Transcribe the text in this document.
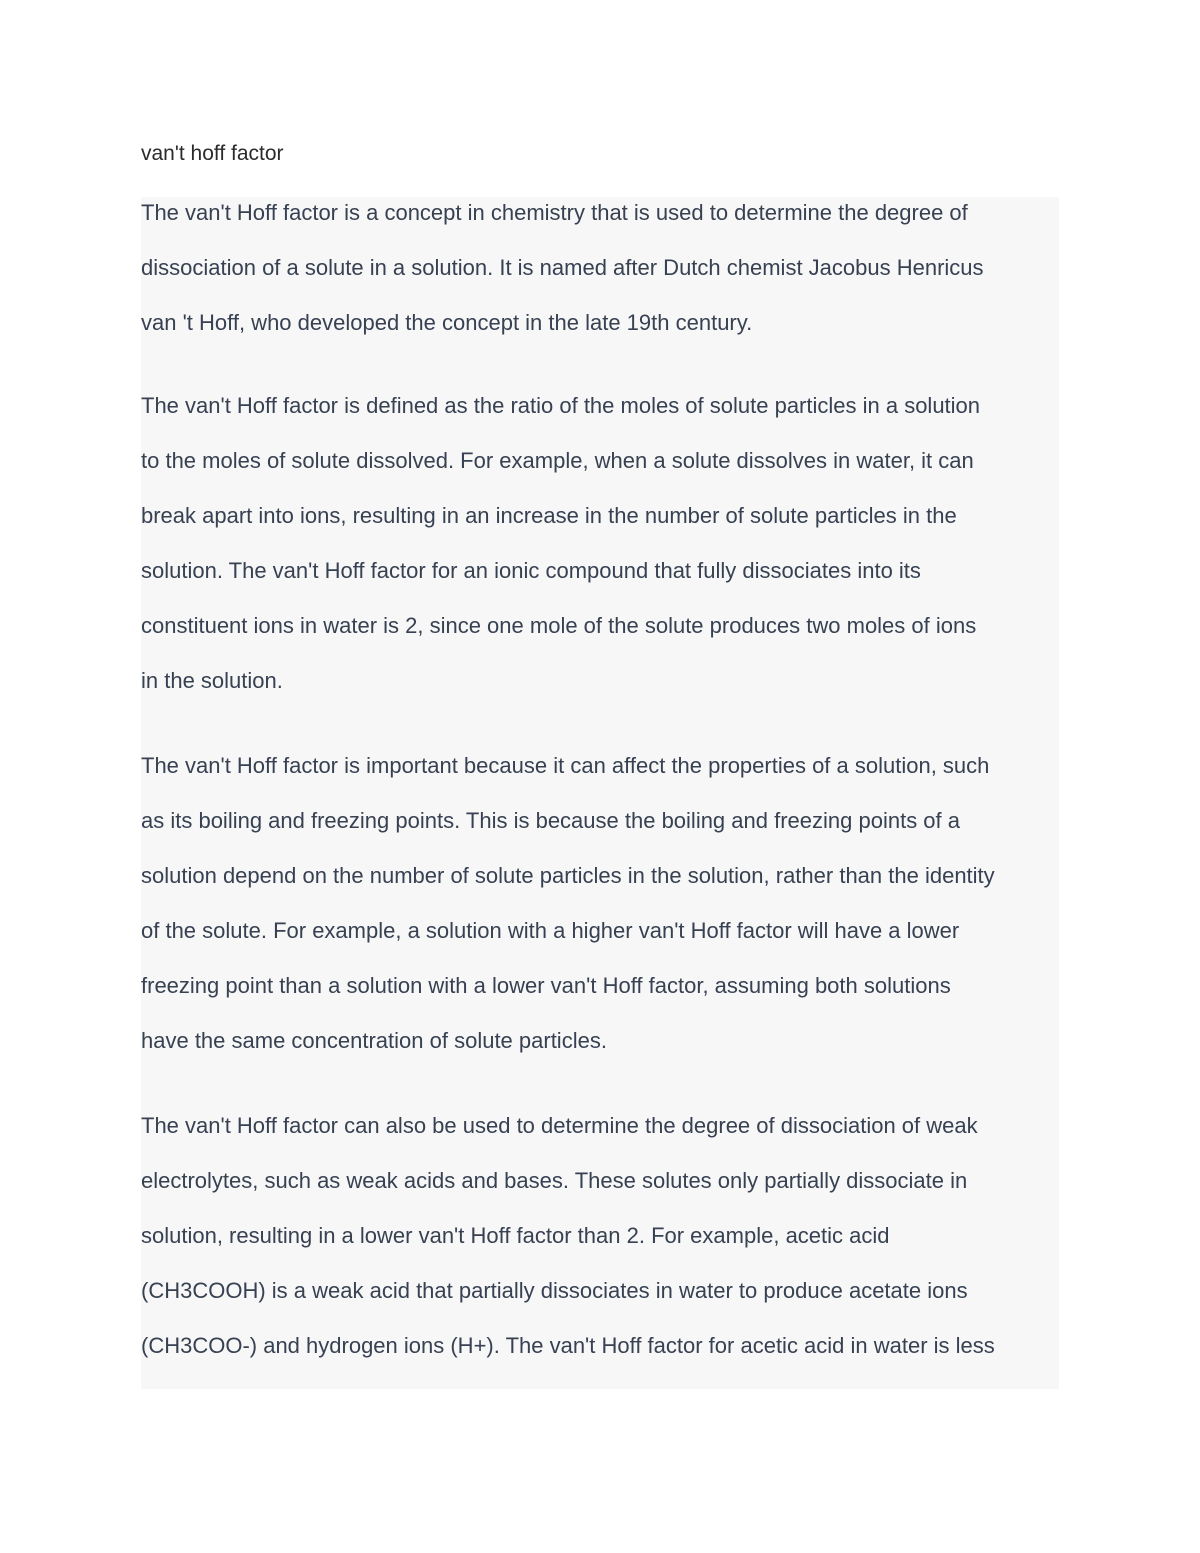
van't hoff factor

The van't Hoff factor is a concept in chemistry that is used to determine the degree of
dissociation of a solute in a solution. It is named after Dutch chemist Jacobus Henricus
van 't Hoff, who developed the concept in the late 19th century.

The van't Hoff factor is defined as the ratio of the moles of solute particles in a solution
to the moles of solute dissolved. For example, when a solute dissolves in water, it can
break apart into ions, resulting in an increase in the number of solute particles in the
solution. The van't Hoff factor for an ionic compound that fully dissociates into its
constituent ions in water is 2, since one mole of the solute produces two moles of ions
in the solution.

The van't Hoff factor is important because it can affect the properties of a solution, such
as its boiling and freezing points. This is because the boiling and freezing points of a
solution depend on the number of solute particles in the solution, rather than the identity
of the solute. For example, a solution with a higher van't Hoff factor will have a lower
freezing point than a solution with a lower van't Hoff factor, assuming both solutions
have the same concentration of solute particles.

The van't Hoff factor can also be used to determine the degree of dissociation of weak
electrolytes, such as weak acids and bases. These solutes only partially dissociate in
solution, resulting in a lower van't Hoff factor than 2. For example, acetic acid
(CH3COOH) is a weak acid that partially dissociates in water to produce acetate ions
(CH3COO-) and hydrogen ions (H+). The van't Hoff factor for acetic acid in water is less
